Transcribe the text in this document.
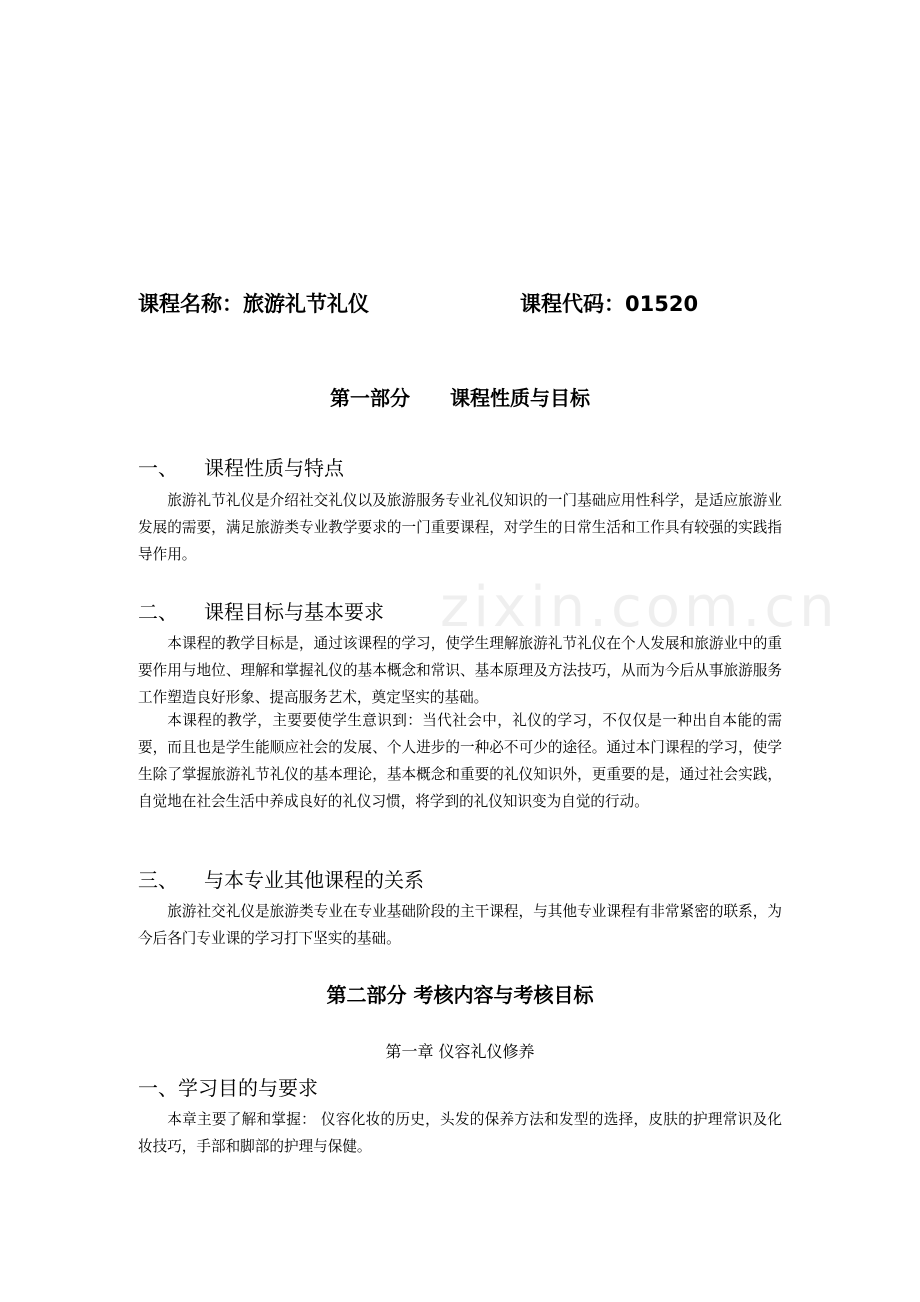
zixin.com.cn
课程名称：旅游礼节礼仪	课程代码：01520
第一部分　　课程性质与目标
一、 课程性质与特点

旅游礼节礼仪是介绍社交礼仪以及旅游服务专业礼仪知识的一门基础应用性科学，是适应旅游业发展的需要，满足旅游类专业教学要求的一门重要课程，对学生的日常生活和工作具有较强的实践指导作用。

二、 课程目标与基本要求

本课程的教学目标是，通过该课程的学习，使学生理解旅游礼节礼仪在个人发展和旅游业中的重要作用与地位、理解和掌握礼仪的基本概念和常识、基本原理及方法技巧，从而为今后从事旅游服务工作塑造良好形象、提高服务艺术，奠定坚实的基础。

本课程的教学，主要要使学生意识到：当代社会中，礼仪的学习，不仅仅是一种出自本能的需要，而且也是学生能顺应社会的发展、个人进步的一种必不可少的途径。通过本门课程的学习，使学生除了掌握旅游礼节礼仪的基本理论，基本概念和重要的礼仪知识外，更重要的是，通过社会实践，自觉地在社会生活中养成良好的礼仪习惯，将学到的礼仪知识变为自觉的行动。

三、 与本专业其他课程的关系

旅游社交礼仪是旅游类专业在专业基础阶段的主干课程，与其他专业课程有非常紧密的联系，为今后各门专业课的学习打下坚实的基础。

第二部分 考核内容与考核目标
第一章 仪容礼仪修养
一、学习目的与要求

本章主要了解和掌握： 仪容化妆的历史，头发的保养方法和发型的选择，皮肤的护理常识及化妆技巧，手部和脚部的护理与保健。
